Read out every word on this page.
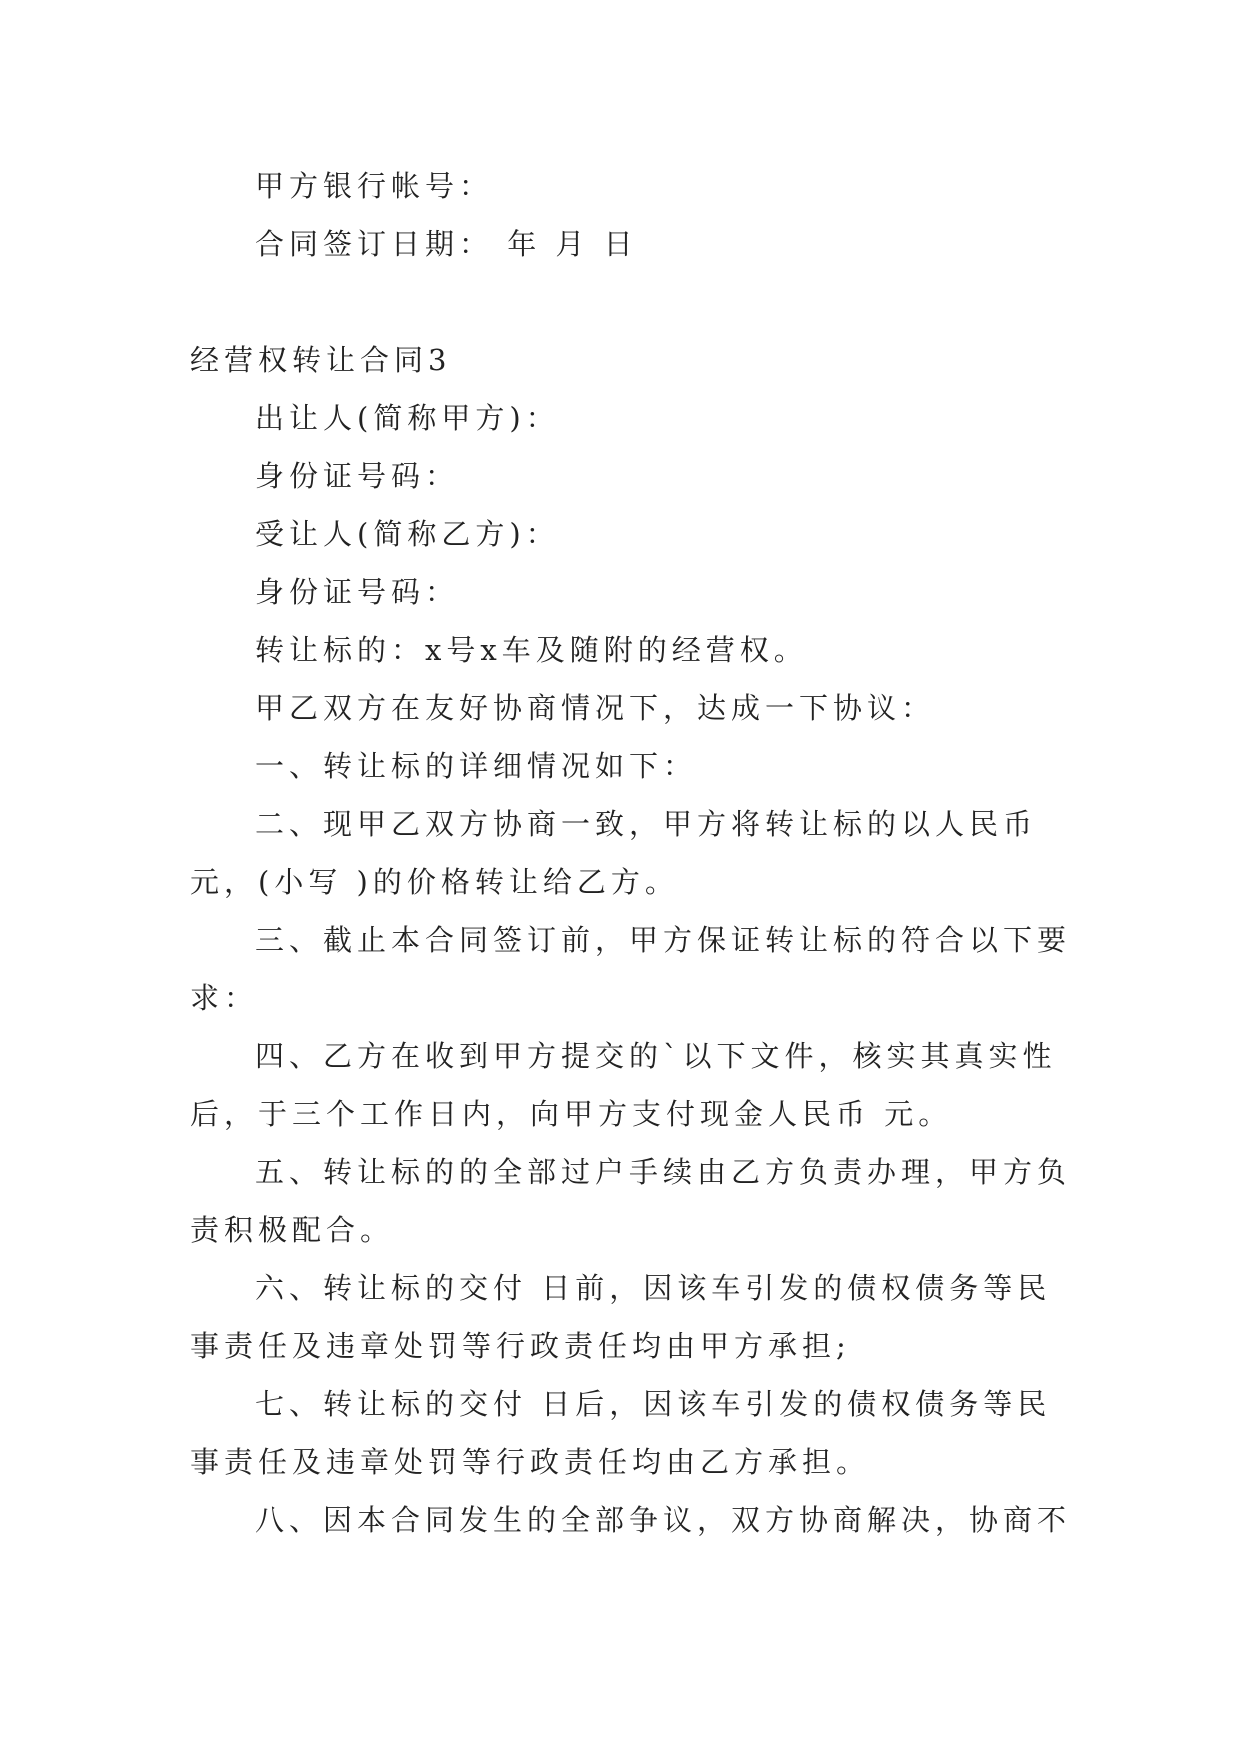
甲方银行帐号：
合同签订日期： 年 月 日
经营权转让合同3
出让人(简称甲方)：
身份证号码：
受让人(简称乙方)：
身份证号码：
转让标的：x号x车及随附的经营权。
甲乙双方在友好协商情况下，达成一下协议：
一、转让标的详细情况如下：
二、现甲乙双方协商一致，甲方将转让标的以人民币
元，(小写 )的价格转让给乙方。
三、截止本合同签订前，甲方保证转让标的符合以下要
求：
四、乙方在收到甲方提交的`以下文件，核实其真实性
后，于三个工作日内，向甲方支付现金人民币 元。
五、转让标的的全部过户手续由乙方负责办理，甲方负
责积极配合。
六、转让标的交付 日前，因该车引发的债权债务等民
事责任及违章处罚等行政责任均由甲方承担;
七、转让标的交付 日后，因该车引发的债权债务等民
事责任及违章处罚等行政责任均由乙方承担。
八、因本合同发生的全部争议，双方协商解决，协商不
